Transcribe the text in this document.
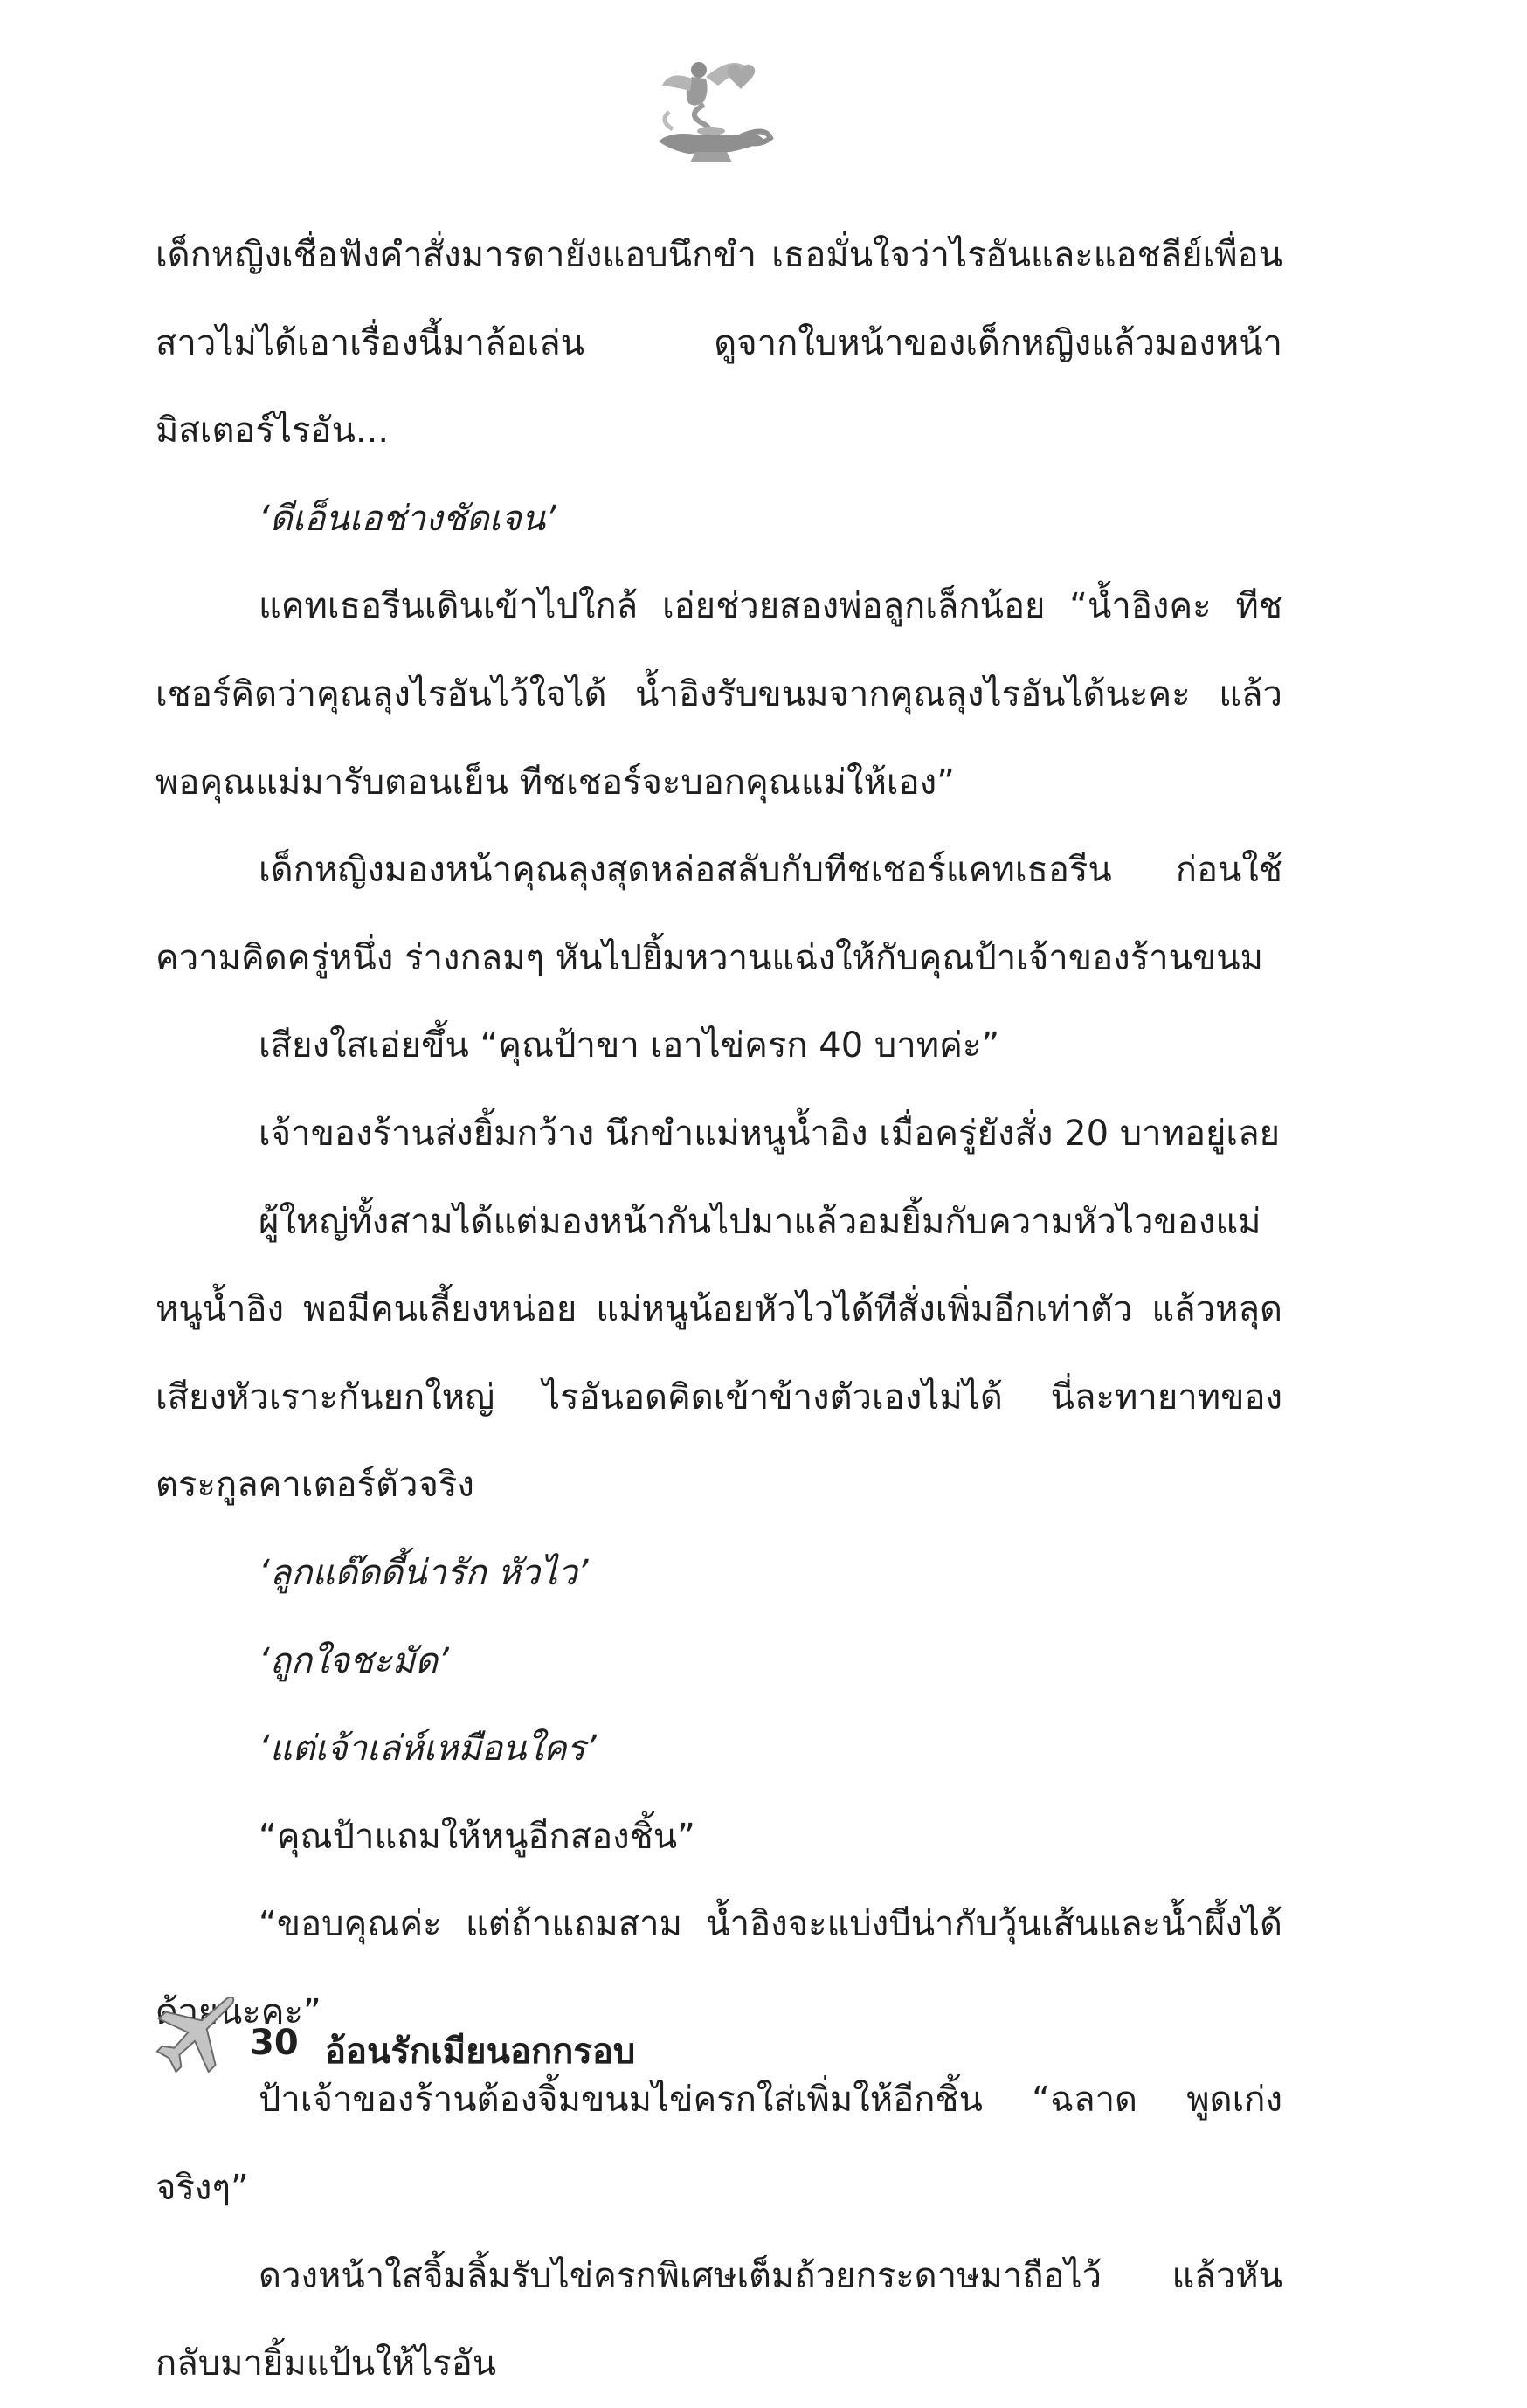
เด็กหญิงเชื่อฟังคำสั่งมารดายังแอบนึกขำ เธอมั่นใจว่าไรอันและแอชลีย์เพื่อนสาวไม่ได้เอาเรื่องนี้มาล้อเล่น ดูจากใบหน้าของเด็กหญิงแล้วมองหน้ามิสเตอร์ไรอัน...

‘ดีเอ็นเอช่างชัดเจน’

แคทเธอรีนเดินเข้าไปใกล้ เอ่ยช่วยสองพ่อลูกเล็กน้อย “น้ำอิงคะ ทีชเชอร์คิดว่าคุณลุงไรอันไว้ใจได้ น้ำอิงรับขนมจากคุณลุงไรอันได้นะคะ แล้วพอคุณแม่มารับตอนเย็น ทีชเชอร์จะบอกคุณแม่ให้เอง”

เด็กหญิงมองหน้าคุณลุงสุดหล่อสลับกับทีชเชอร์แคทเธอรีน ก่อนใช้ความคิดครู่หนึ่ง ร่างกลมๆ หันไปยิ้มหวานแฉ่งให้กับคุณป้าเจ้าของร้านขนม

เสียงใสเอ่ยขึ้น “คุณป้าขา เอาไข่ครก 40 บาทค่ะ”

เจ้าของร้านส่งยิ้มกว้าง นึกขำแม่หนูน้ำอิง เมื่อครู่ยังสั่ง 20 บาทอยู่เลย

ผู้ใหญ่ทั้งสามได้แต่มองหน้ากันไปมาแล้วอมยิ้มกับความหัวไวของแม่หนูน้ำอิง พอมีคนเลี้ยงหน่อย แม่หนูน้อยหัวไวได้ทีสั่งเพิ่มอีกเท่าตัว แล้วหลุดเสียงหัวเราะกันยกใหญ่ ไรอันอดคิดเข้าข้างตัวเองไม่ได้ นี่ละทายาทของตระกูลคาเตอร์ตัวจริง

‘ลูกแด๊ดดี้น่ารัก หัวไว’

‘ถูกใจชะมัด’

‘แต่เจ้าเล่ห์เหมือนใคร’

“คุณป้าแถมให้หนูอีกสองชิ้น”

“ขอบคุณค่ะ แต่ถ้าแถมสาม น้ำอิงจะแบ่งบีน่ากับวุ้นเส้นและน้ำผึ้งได้ด้วยนะคะ”

ป้าเจ้าของร้านต้องจิ้มขนมไข่ครกใส่เพิ่มให้อีกชิ้น “ฉลาด พูดเก่งจริงๆ”

ดวงหน้าใสจิ้มลิ้มรับไข่ครกพิเศษเต็มถ้วยกระดาษมาถือไว้ แล้วหันกลับมายิ้มแป้นให้ไรอัน

30 อ้อนรักเมียนอกกรอบ
